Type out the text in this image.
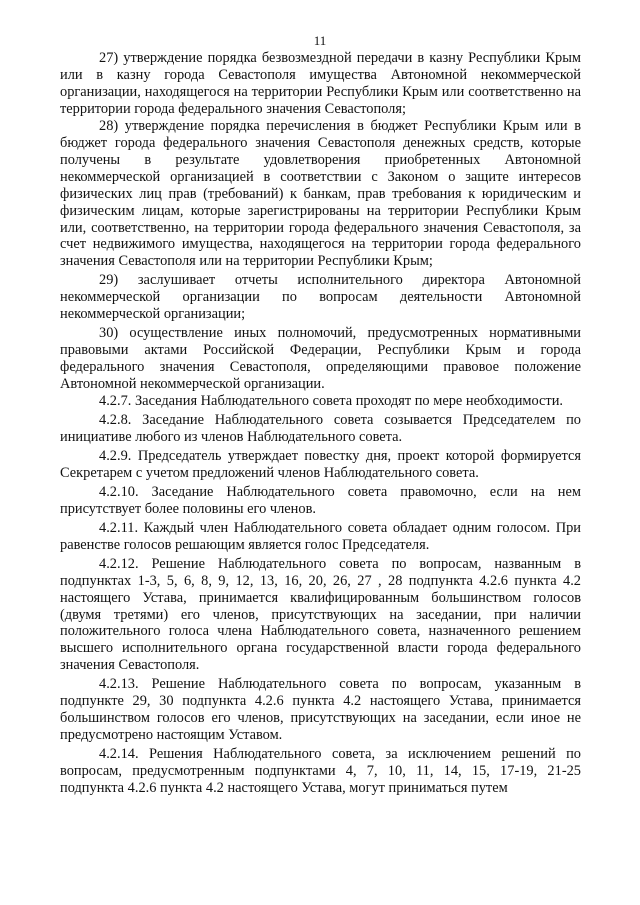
11

27) утверждение порядка безвозмездной передачи в казну Республики Крым или в казну города Севастополя имущества Автономной некоммерческой организации, находящегося на территории Республики Крым или соответственно на территории города федерального значения Севастополя;

28) утверждение порядка перечисления в бюджет Республики Крым или в бюджет города федерального значения Севастополя денежных средств, которые получены в результате удовлетворения приобретенных Автономной некоммерческой организацией в соответствии с Законом о защите интересов физических лиц прав (требований) к банкам, прав требования к юридическим и физическим лицам, которые зарегистрированы на территории Республики Крым или, соответственно, на территории города федерального значения Севастополя, за счет недвижимого имущества, находящегося на территории города федерального значения Севастополя или на территории Республики Крым;

29) заслушивает отчеты исполнительного директора Автономной некоммерческой организации по вопросам деятельности Автономной некоммерческой организации;

30) осуществление иных полномочий, предусмотренных нормативными правовыми актами Российской Федерации, Республики Крым и города федерального значения Севастополя, определяющими правовое положение Автономной некоммерческой организации.

4.2.7. Заседания Наблюдательного совета проходят по мере необходимости.

4.2.8. Заседание Наблюдательного совета созывается Председателем по инициативе любого из членов Наблюдательного совета.

4.2.9. Председатель утверждает повестку дня, проект которой формируется Секретарем с учетом предложений членов Наблюдательного совета.

4.2.10. Заседание Наблюдательного совета правомочно, если на нем присутствует более половины его членов.

4.2.11. Каждый член Наблюдательного совета обладает одним голосом. При равенстве голосов решающим является голос Председателя.

4.2.12. Решение Наблюдательного совета по вопросам, названным в подпунктах 1-3, 5, 6, 8, 9, 12, 13, 16, 20, 26, 27 , 28 подпункта 4.2.6 пункта 4.2 настоящего Устава, принимается квалифицированным большинством голосов (двумя третями) его членов, присутствующих на заседании, при наличии положительного голоса члена Наблюдательного совета, назначенного решением высшего исполнительного органа государственной власти города федерального значения Севастополя.

4.2.13. Решение Наблюдательного совета по вопросам, указанным в подпункте 29, 30 подпункта 4.2.6 пункта 4.2 настоящего Устава, принимается большинством голосов его членов, присутствующих на заседании, если иное не предусмотрено настоящим Уставом.

4.2.14. Решения Наблюдательного совета, за исключением решений по вопросам, предусмотренным подпунктами 4, 7, 10, 11, 14, 15, 17-19, 21-25 подпункта 4.2.6 пункта 4.2 настоящего Устава, могут приниматься путем
